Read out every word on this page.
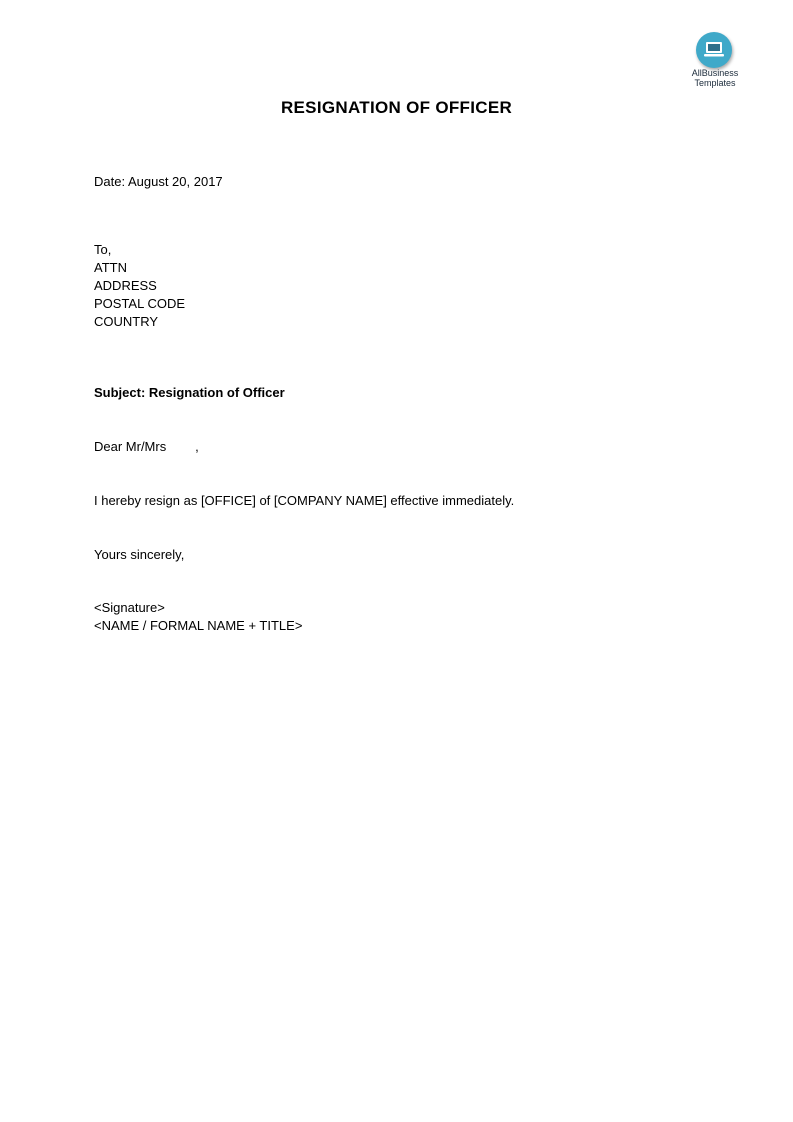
AllBusiness
Templates
RESIGNATION OF OFFICER
Date: August 20, 2017
To,
ATTN
ADDRESS
POSTAL CODE
COUNTRY
Subject: Resignation of Officer
Dear Mr/Mrs        ,
I hereby resign as [OFFICE] of [COMPANY NAME] effective immediately.
Yours sincerely,
<Signature>
<NAME / FORMAL NAME + TITLE>
